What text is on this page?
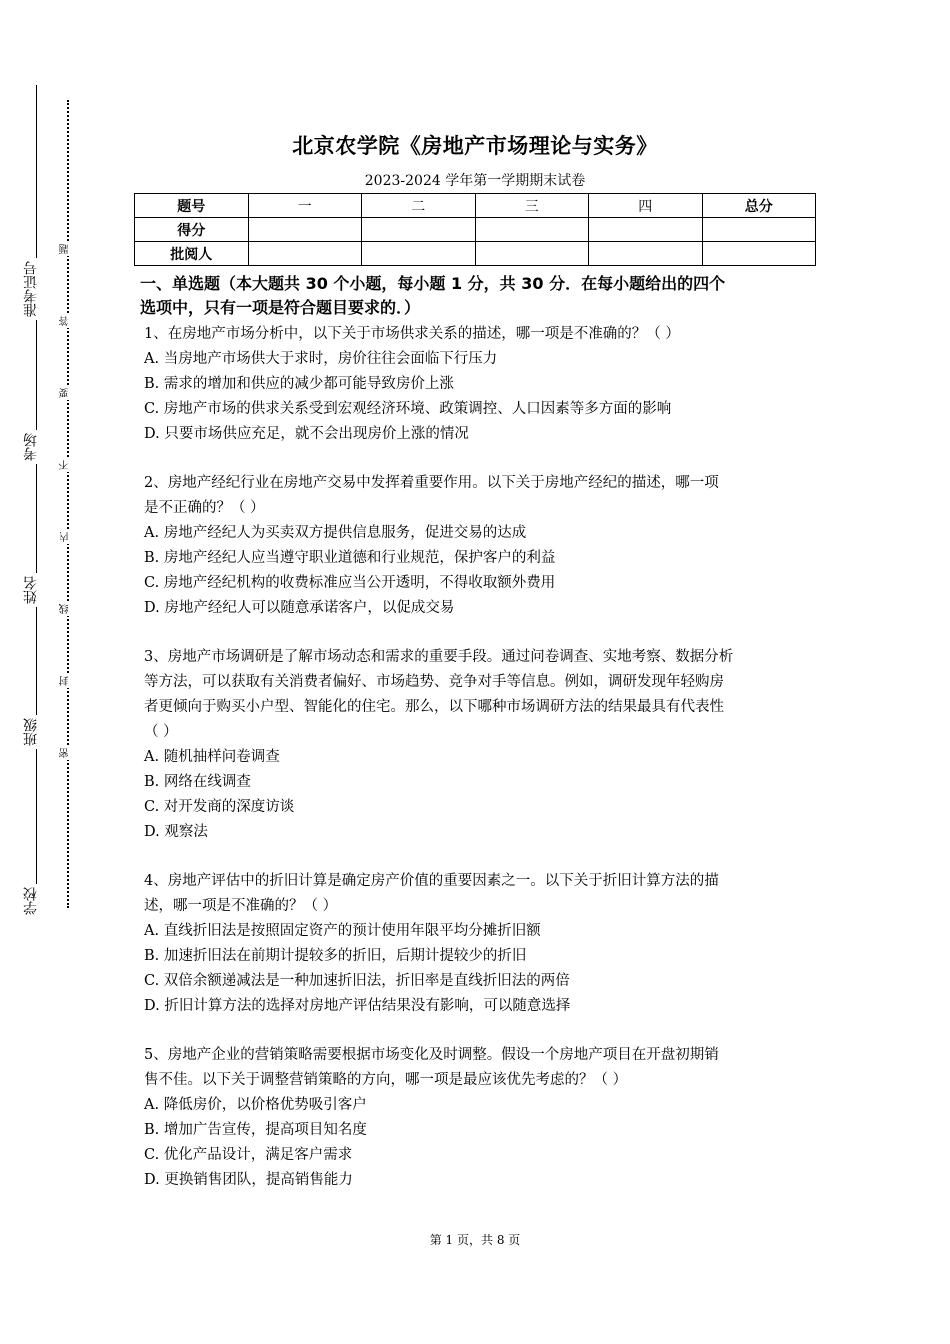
准考证号
考场
姓名
班级
学校
题
答
要
不
内
线
封
密
北京农学院《房地产市场理论与实务》
2023-2024 学年第一学期期末试卷
题号	一	二	三	四	总分
得分					
批阅人					
一、单选题（本大题共 30 个小题，每小题 1 分，共 30 分．在每小题给出的四个
选项中，只有一项是符合题目要求的．）

1、在房地产市场分析中，以下关于市场供求关系的描述，哪一项是不准确的？（ ）

A. 当房地产市场供大于求时，房价往往会面临下行压力

B. 需求的增加和供应的减少都可能导致房价上涨

C. 房地产市场的供求关系受到宏观经济环境、政策调控、人口因素等多方面的影响

D. 只要市场供应充足，就不会出现房价上涨的情况

2、房地产经纪行业在房地产交易中发挥着重要作用。以下关于房地产经纪的描述，哪一项

是不正确的？（ ）

A. 房地产经纪人为买卖双方提供信息服务，促进交易的达成

B. 房地产经纪人应当遵守职业道德和行业规范，保护客户的利益

C. 房地产经纪机构的收费标准应当公开透明，不得收取额外费用

D. 房地产经纪人可以随意承诺客户，以促成交易

3、房地产市场调研是了解市场动态和需求的重要手段。通过问卷调查、实地考察、数据分析

等方法，可以获取有关消费者偏好、市场趋势、竞争对手等信息。例如，调研发现年轻购房

者更倾向于购买小户型、智能化的住宅。那么，以下哪种市场调研方法的结果最具有代表性

（ ）

A. 随机抽样问卷调查

B. 网络在线调查

C. 对开发商的深度访谈

D. 观察法

4、房地产评估中的折旧计算是确定房产价值的重要因素之一。以下关于折旧计算方法的描

述，哪一项是不准确的？（ ）

A. 直线折旧法是按照固定资产的预计使用年限平均分摊折旧额

B. 加速折旧法在前期计提较多的折旧，后期计提较少的折旧

C. 双倍余额递减法是一种加速折旧法，折旧率是直线折旧法的两倍

D. 折旧计算方法的选择对房地产评估结果没有影响，可以随意选择

5、房地产企业的营销策略需要根据市场变化及时调整。假设一个房地产项目在开盘初期销

售不佳。以下关于调整营销策略的方向，哪一项是最应该优先考虑的？（ ）

A. 降低房价，以价格优势吸引客户

B. 增加广告宣传，提高项目知名度

C. 优化产品设计，满足客户需求

D. 更换销售团队，提高销售能力

第 1 页，共 8 页
